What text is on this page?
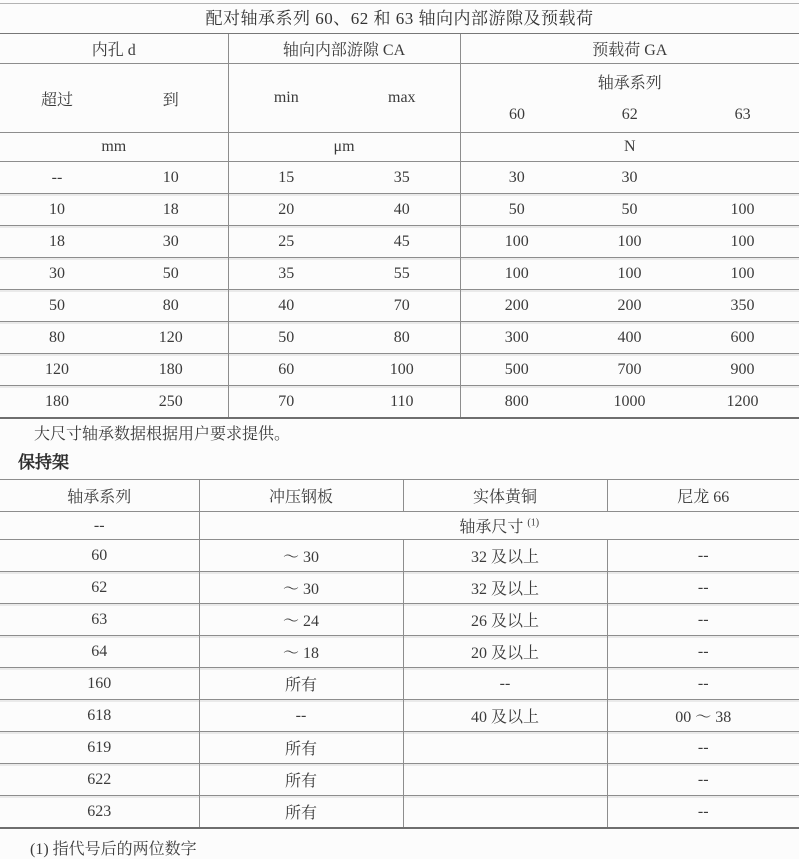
配对轴承系列 60、62 和 63 轴向内部游隙及预载荷
内孔 d		轴向内部游隙 CA		预载荷 GA		
超过	到	min	max	轴承系列
60 62 63		

mm		μm		N		
--	10	15	35	30	30	
10	18	20	40	50	50	100
18	30	25	45	100	100	100
30	50	35	55	100	100	100
50	80	40	70	200	200	350
80	120	50	80	300	400	600
120	180	60	100	500	700	900
180	250	70	110	800	1000	1200
大尺寸轴承数据根据用户要求提供。
保持架
轴承系列	冲压钢板	实体黄铜	尼龙 66
--	轴承尺寸 $^{(1)}$
60	～ 30	32 及以上	--
62	～ 30	32 及以上	--
63	～ 24	26 及以上	--
64	～ 18	20 及以上	--
160	所有	--	--
618	--	40 及以上	00 ～ 38
619	所有		--
622	所有		--
623	所有		--
(1) 指代号后的两位数字
